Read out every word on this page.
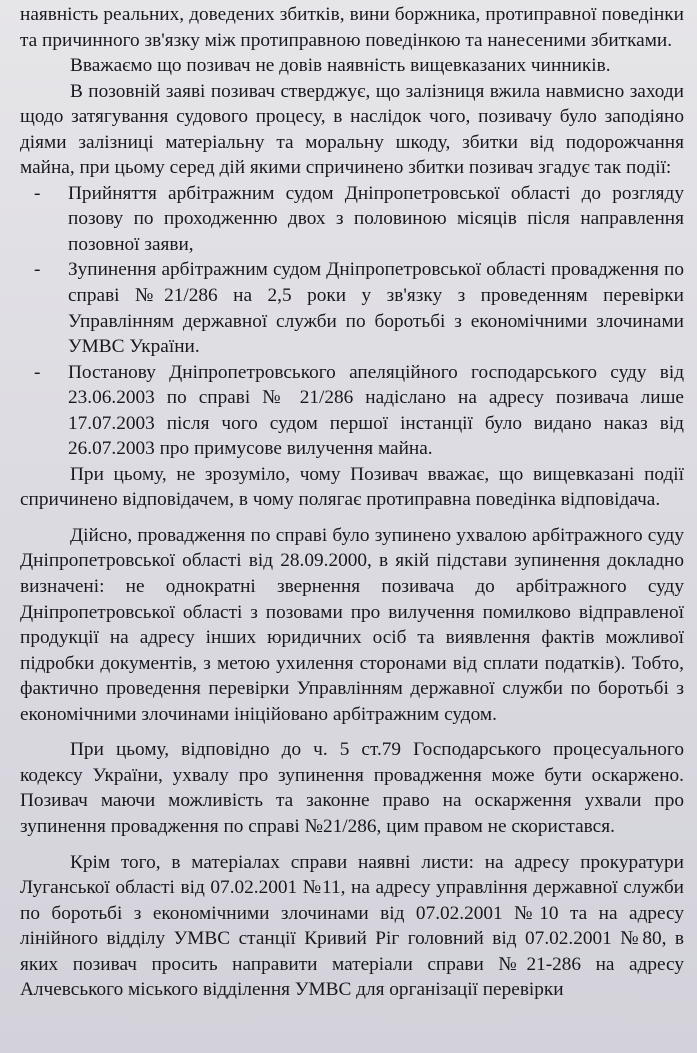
наявність реальних, доведених збитків, вини боржника, протиправної поведінки та причинного зв'язку між протиправною поведінкою та нанесеними збитками.

Вважаємо що позивач не довів наявність вищевказаних чинників.

В позовній заяві позивач стверджує, що залізниця вжила навмисно заходи щодо затягування судового процесу, в наслідок чого, позивачу було заподіяно діями залізниці матеріальну та моральну шкоду, збитки від подорожчання майна, при цьому серед дій якими спричинено збитки позивач згадує так події:

- Прийняття арбітражним судом Дніпропетровської області до розгляду позову по проходженню двох з половиною місяців після направлення позовної заяви,

- Зупинення арбітражним судом Дніпропетровської області провадження по справі №21/286 на 2,5 роки у зв'язку з проведенням перевірки Управлінням державної служби по боротьбі з економічними злочинами УМВС України.

- Постанову Дніпропетровського апеляційного господарського суду від 23.06.2003 по справі № 21/286 надіслано на адресу позивача лише 17.07.2003 після чого судом першої інстанції було видано наказ від 26.07.2003 про примусове вилучення майна.

При цьому, не зрозуміло, чому Позивач вважає, що вищевказані події спричинено відповідачем, в чому полягає протиправна поведінка відповідача.

Дійсно, провадження по справі було зупинено ухвалою арбітражного суду Дніпропетровської області від 28.09.2000, в якій підстави зупинення докладно визначені: не однократні звернення позивача до арбітражного суду Дніпропетровської області з позовами про вилучення помилково відправленої продукції на адресу інших юридичних осіб та виявлення фактів можливої підробки документів, з метою ухилення сторонами від сплати податків). Тобто, фактично проведення перевірки Управлінням державної служби по боротьбі з економічними злочинами ініційовано арбітражним судом.

При цьому, відповідно до ч. 5 ст.79 Господарського процесуального кодексу України, ухвалу про зупинення провадження може бути оскаржено. Позивач маючи можливість та законне право на оскарження ухвали про зупинення провадження по справі №21/286, цим правом не скористався.

Крім того, в матеріалах справи наявні листи: на адресу прокуратури Луганської області від 07.02.2001 №11, на адресу управління державної служби по боротьбі з економічними злочинами від 07.02.2001 №10 та на адресу лінійного відділу УМВС станції Кривий Ріг головний від 07.02.2001 №80, в яких позивач просить направити матеріали справи №21-286 на адресу Алчевського міського відділення УМВС для організації перевірки
